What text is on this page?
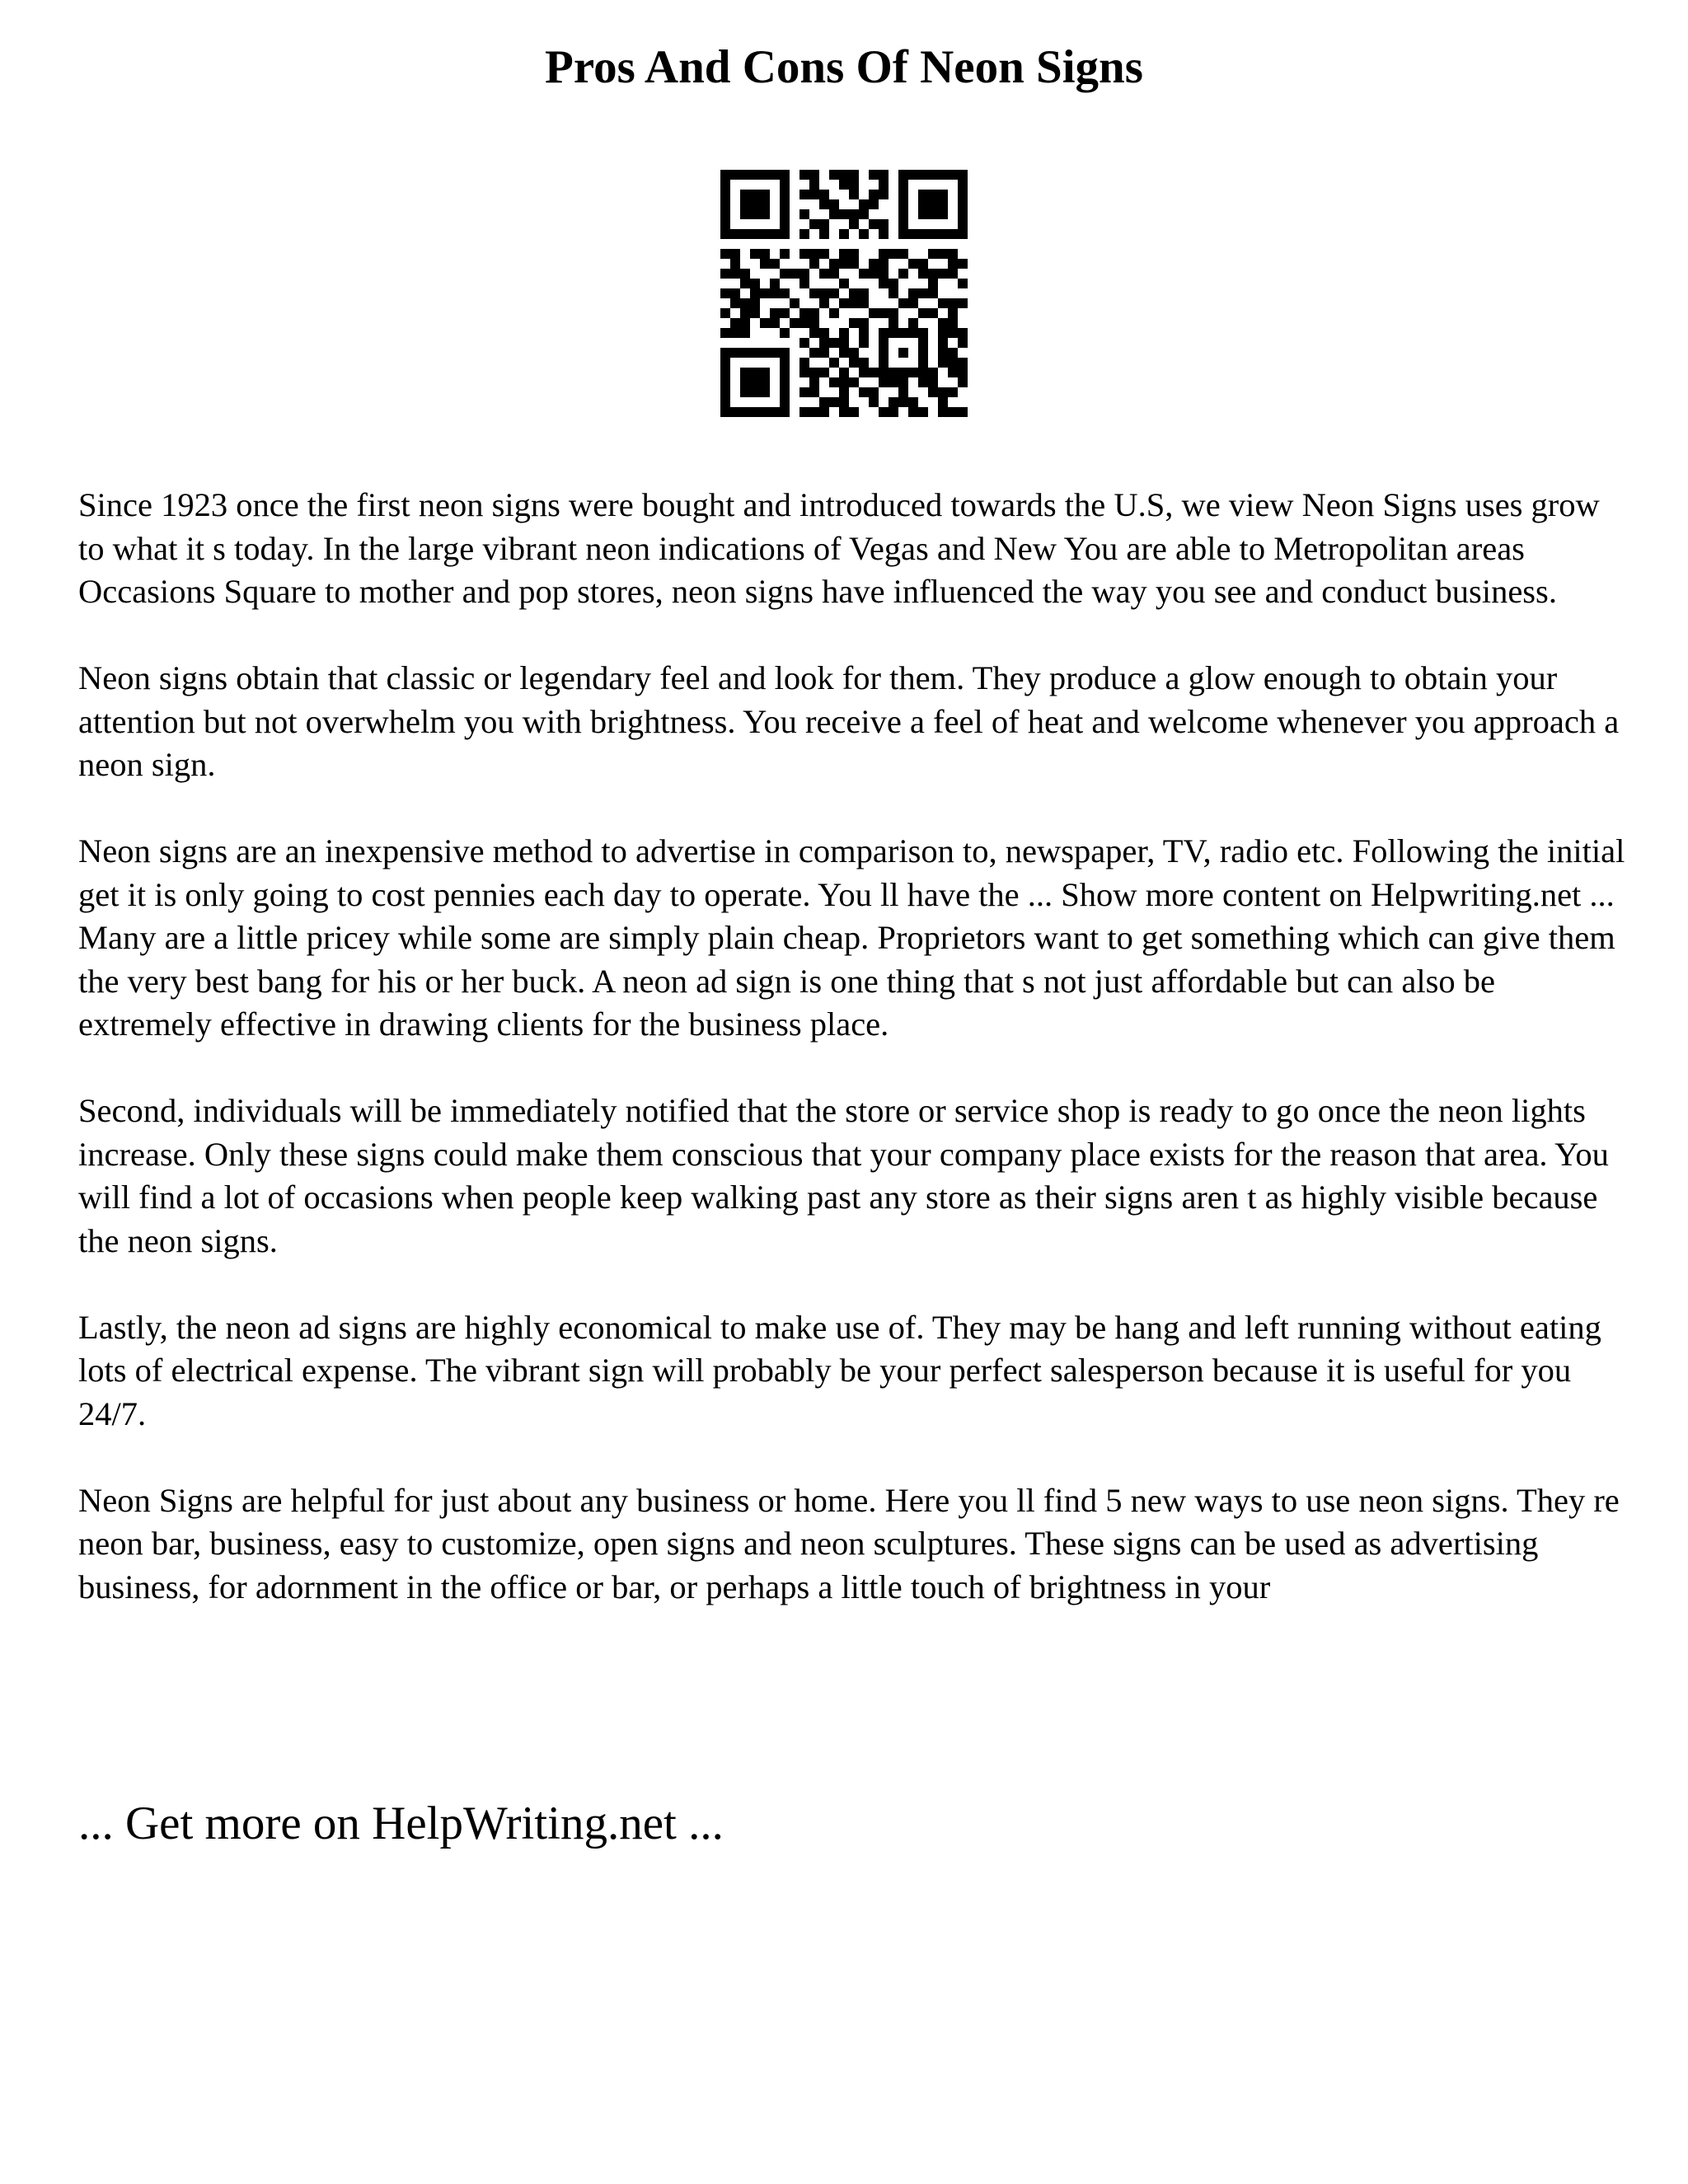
Pros And Cons Of Neon Signs

Since 1923 once the first neon signs were bought and introduced towards the U.S, we view Neon Signs uses grow to what it s today. In the large vibrant neon indications of Vegas and New You are able to Metropolitan areas Occasions Square to mother and pop stores, neon signs have influenced the way you see and conduct business.

Neon signs obtain that classic or legendary feel and look for them. They produce a glow enough to obtain your attention but not overwhelm you with brightness. You receive a feel of heat and welcome whenever you approach a neon sign.

Neon signs are an inexpensive method to advertise in comparison to, newspaper, TV, radio etc. Following the initial get it is only going to cost pennies each day to operate. You ll have the ... Show more content on Helpwriting.net ...

Many are a little pricey while some are simply plain cheap. Proprietors want to get something which can give them the very best bang for his or her buck. A neon ad sign is one thing that s not just affordable but can also be extremely effective in drawing clients for the business place.

Second, individuals will be immediately notified that the store or service shop is ready to go once the neon lights increase. Only these signs could make them conscious that your company place exists for the reason that area. You will find a lot of occasions when people keep walking past any store as their signs aren t as highly visible because the neon signs.

Lastly, the neon ad signs are highly economical to make use of. They may be hang and left running without eating lots of electrical expense. The vibrant sign will probably be your perfect salesperson because it is useful for you 24/7.

Neon Signs are helpful for just about any business or home. Here you ll find 5 new ways to use neon signs. They re neon bar, business, easy to customize, open signs and neon sculptures. These signs can be used as advertising business, for adornment in the office or bar, or perhaps a little touch of brightness in your

... Get more on HelpWriting.net ...
